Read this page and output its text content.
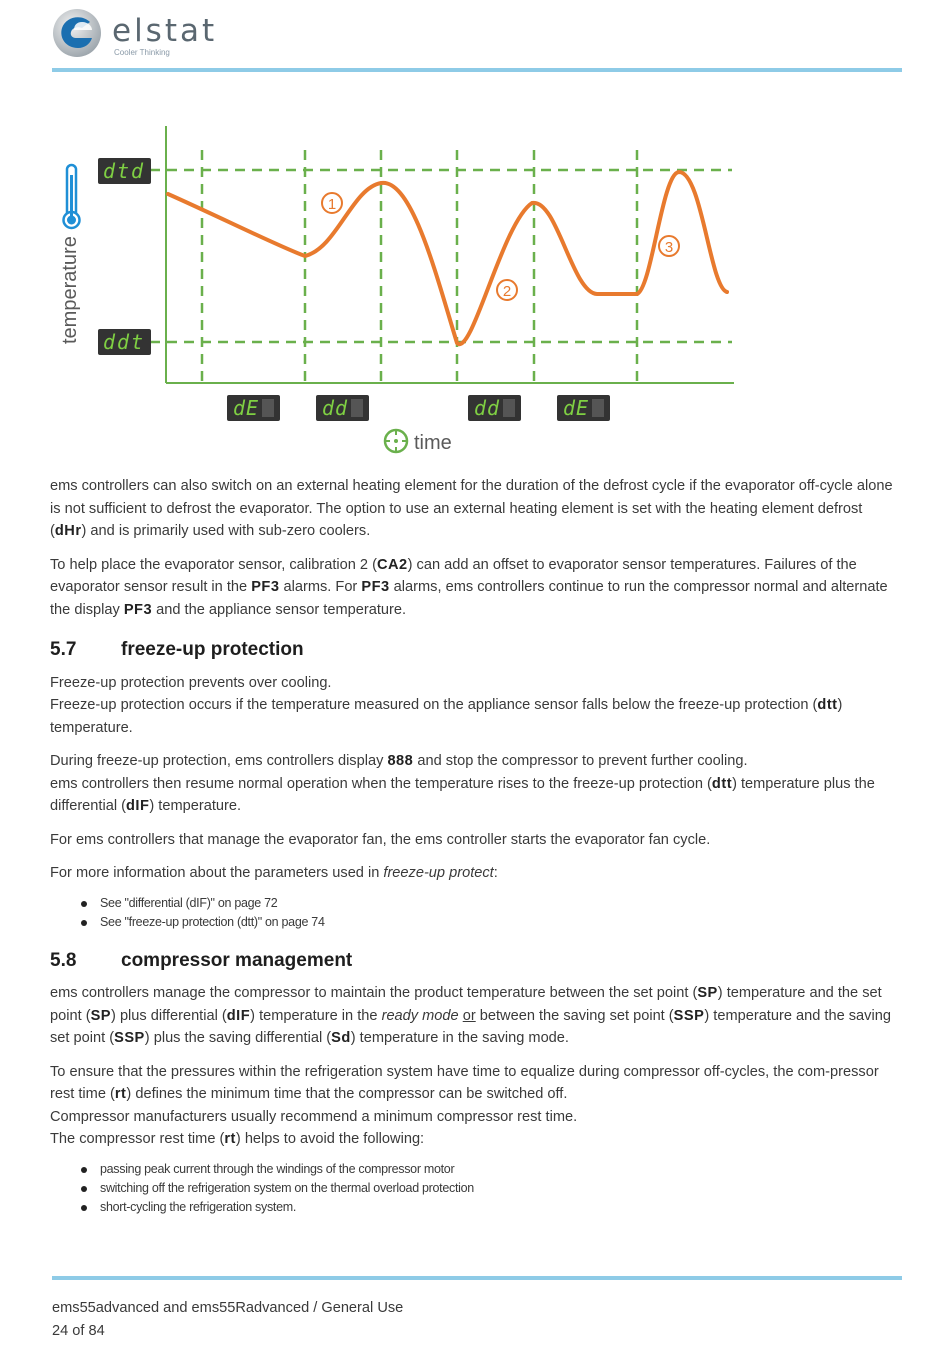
elstat
Cooler Thinking
temperature
dtd
ddt
dE	dd	dd	dE
1
2
3
time

ems controllers can also switch on an external heating element for the duration of the defrost cycle if the evaporator off-cycle alone is not sufficient to defrost the evaporator. The option to use an external heating element is set with the heating element defrost (dHr) and is primarily used with sub-zero coolers.

To help place the evaporator sensor, calibration 2 (CA2) can add an offset to evaporator sensor temperatures. Failures of the evaporator sensor result in the PF3 alarms. For PF3 alarms, ems controllers continue to run the compressor normal and alternate the display PF3 and the appliance sensor temperature.

5.7	freeze-up protection

Freeze-up protection prevents over cooling.
Freeze-up protection occurs if the temperature measured on the appliance sensor falls below the freeze-up protection (dtt) temperature.

During freeze-up protection, ems controllers display 888 and stop the compressor to prevent further cooling.
ems controllers then resume normal operation when the temperature rises to the freeze-up protection (dtt) temperature plus the differential (dIF) temperature.

For ems controllers that manage the evaporator fan, the ems controller starts the evaporator fan cycle.

For more information about the parameters used in freeze-up protect:

See "differential (dIF)" on page 72
See "freeze-up protection (dtt)" on page 74
5.8	compressor management

ems controllers manage the compressor to maintain the product temperature between the set point (SP) temperature and the set point (SP) plus differential (dIF) temperature in the ready mode or between the saving set point (SSP) temperature and the saving set point (SSP) plus the saving differential (Sd) temperature in the saving mode.

To ensure that the pressures within the refrigeration system have time to equalize during compressor off-cycles, the com-pressor rest time (rt) defines the minimum time that the compressor can be switched off.
Compressor manufacturers usually recommend a minimum compressor rest time.
The compressor rest time (rt) helps to avoid the following:

passing peak current through the windings of the compressor motor
switching off the refrigeration system on the thermal overload protection
short-cycling the refrigeration system.
ems55advanced and ems55Radvanced / General Use
24 of 84
